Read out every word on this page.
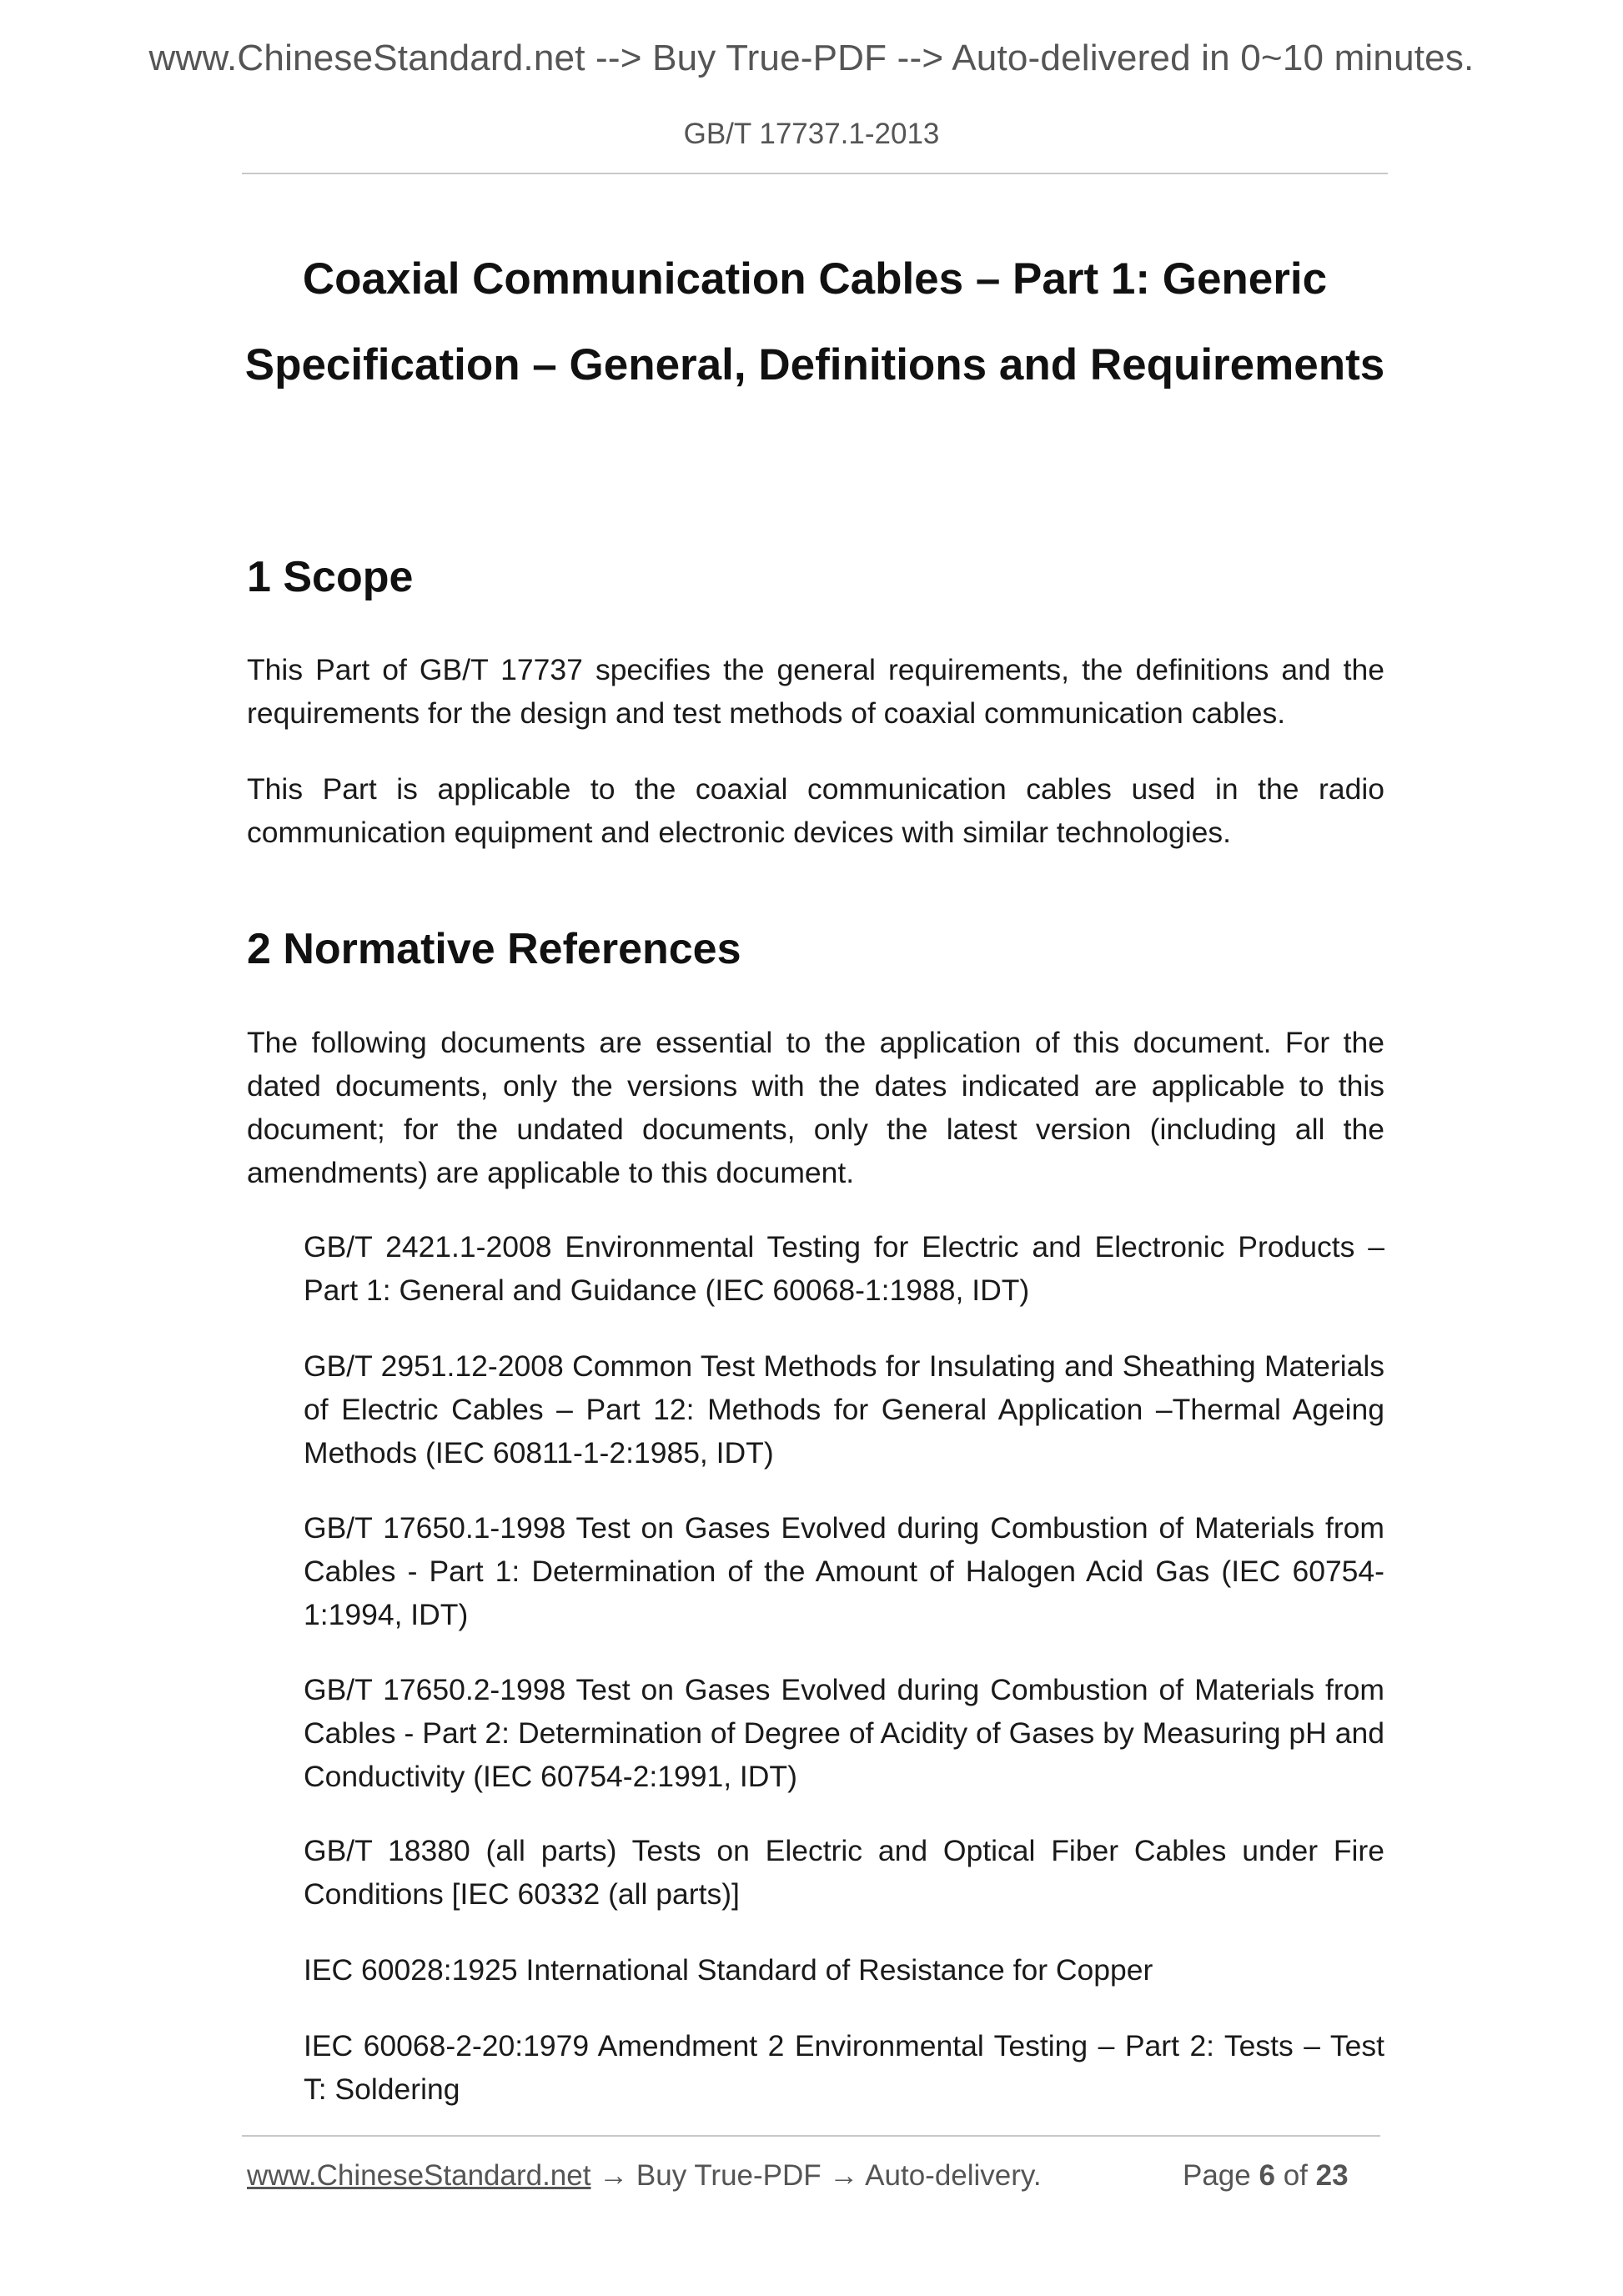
www.ChineseStandard.net --> Buy True-PDF --> Auto-delivered in 0~10 minutes.
GB/T 17737.1-2013
Coaxial Communication Cables – Part 1: Generic
Specification – General, Definitions and Requirements
1 Scope

This Part of GB/T 17737 specifies the general requirements, the definitions and the requirements for the design and test methods of coaxial communication cables.

This Part is applicable to the coaxial communication cables used in the radio communication equipment and electronic devices with similar technologies.

2 Normative References

The following documents are essential to the application of this document. For the dated documents, only the versions with the dates indicated are applicable to this document; for the undated documents, only the latest version (including all the amendments) are applicable to this document.

GB/T 2421.1-2008 Environmental Testing for Electric and Electronic Products – Part 1: General and Guidance (IEC 60068-1:1988, IDT)

GB/T 2951.12-2008 Common Test Methods for Insulating and Sheathing Materials of Electric Cables – Part 12: Methods for General Application –Thermal Ageing Methods (IEC 60811-1-2:1985, IDT)

GB/T 17650.1-1998 Test on Gases Evolved during Combustion of Materials from Cables - Part 1: Determination of the Amount of Halogen Acid Gas (IEC 60754-1:1994, IDT)

GB/T 17650.2-1998 Test on Gases Evolved during Combustion of Materials from Cables - Part 2: Determination of Degree of Acidity of Gases by Measuring pH and Conductivity (IEC 60754-2:1991, IDT)

GB/T 18380 (all parts) Tests on Electric and Optical Fiber Cables under Fire Conditions [IEC 60332 (all parts)]

IEC 60028:1925 International Standard of Resistance for Copper

IEC 60068-2-20:1979 Amendment 2 Environmental Testing – Part 2: Tests – Test T: Soldering

www.ChineseStandard.net → Buy True-PDF → Auto-delivery.	Page 6 of 23
